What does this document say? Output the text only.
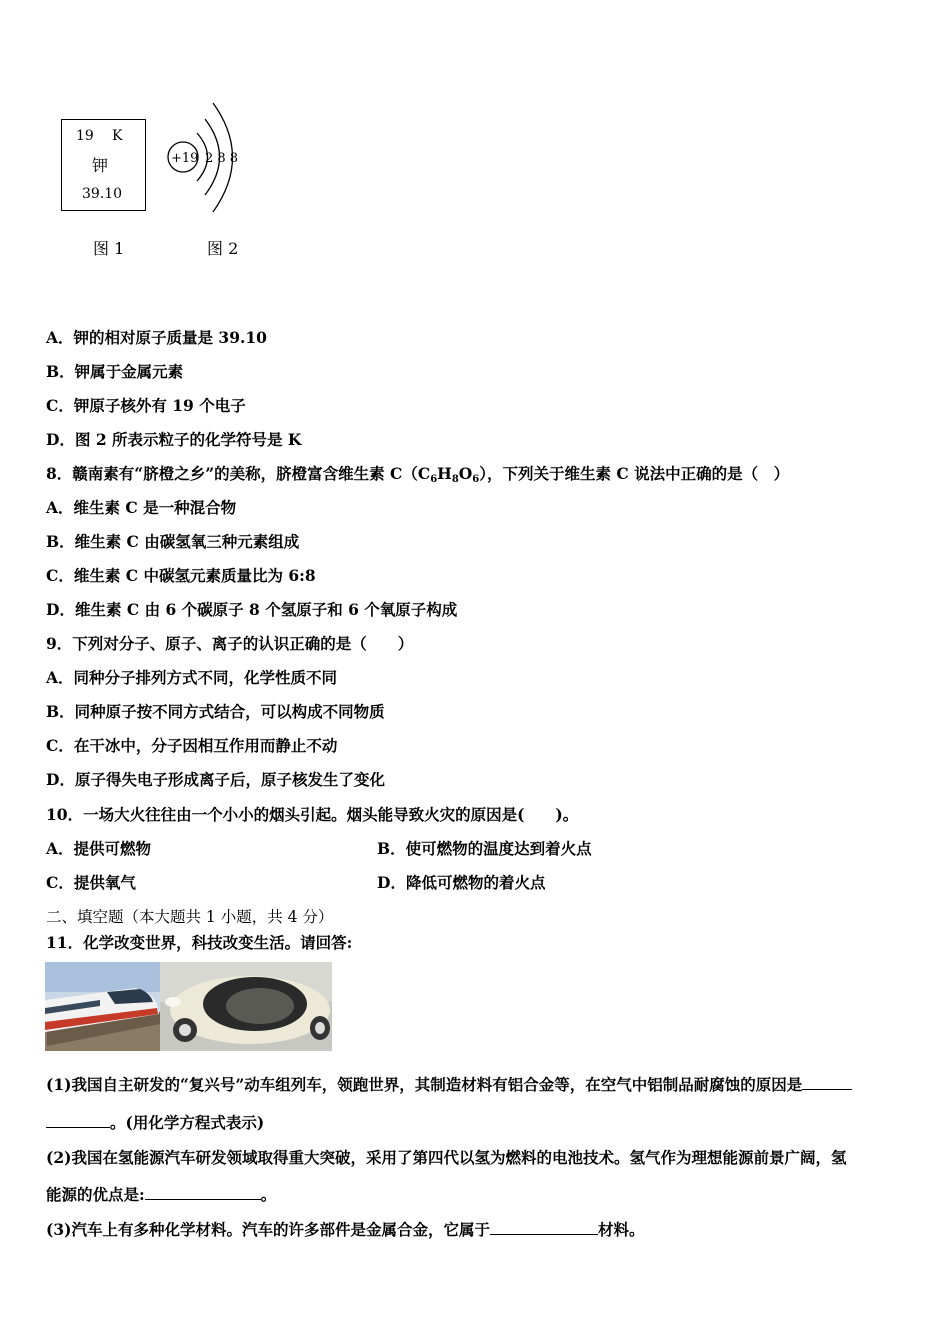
19 K
钾
39.10
+19 2 8 8
图 1	图 2
A．钾的相对原子质量是 39.10
B．钾属于金属元素
C．钾原子核外有 19 个电子
D．图 2 所表示粒子的化学符号是 K
8．赣南素有“脐橙之乡”的美称，脐橙富含维生素 $C(C_6H_8O_6)$，下列关于维生素 C 说法中正确的是（　）
A．维生素 C 是一种混合物
B．维生素 C 由碳氢氧三种元素组成
C．维生素 C 中碳氢元素质量比为 6:8
D．维生素 C 由 6 个碳原子 8 个氢原子和 6 个氧原子构成
9．下列对分子、原子、离子的认识正确的是（　　）
A．同种分子排列方式不同，化学性质不同
B．同种原子按不同方式结合，可以构成不同物质
C．在干冰中，分子因相互作用而静止不动
D．原子得失电子形成离子后，原子核发生了变化
10．一场大火往往由一个小小的烟头引起。烟头能导致火灾的原因是(　　)。
A．提供可燃物	B．使可燃物的温度达到着火点
C．提供氧气	D．降低可燃物的着火点
二、填空题（本大题共 1 小题，共 4 分）
11．化学改变世界，科技改变生活。请回答:
(1)我国自主研发的“复兴号”动车组列车，领跑世界，其制造材料有铝合金等，在空气中铝制品耐腐蚀的原因是
。(用化学方程式表示)
(2)我国在氢能源汽车研发领域取得重大突破，采用了第四代以氢为燃料的电池技术。氢气作为理想能源前景广阔，氢
能源的优点是:	。
(3)汽车上有多种化学材料。汽车的许多部件是金属合金，它属于	材料。
